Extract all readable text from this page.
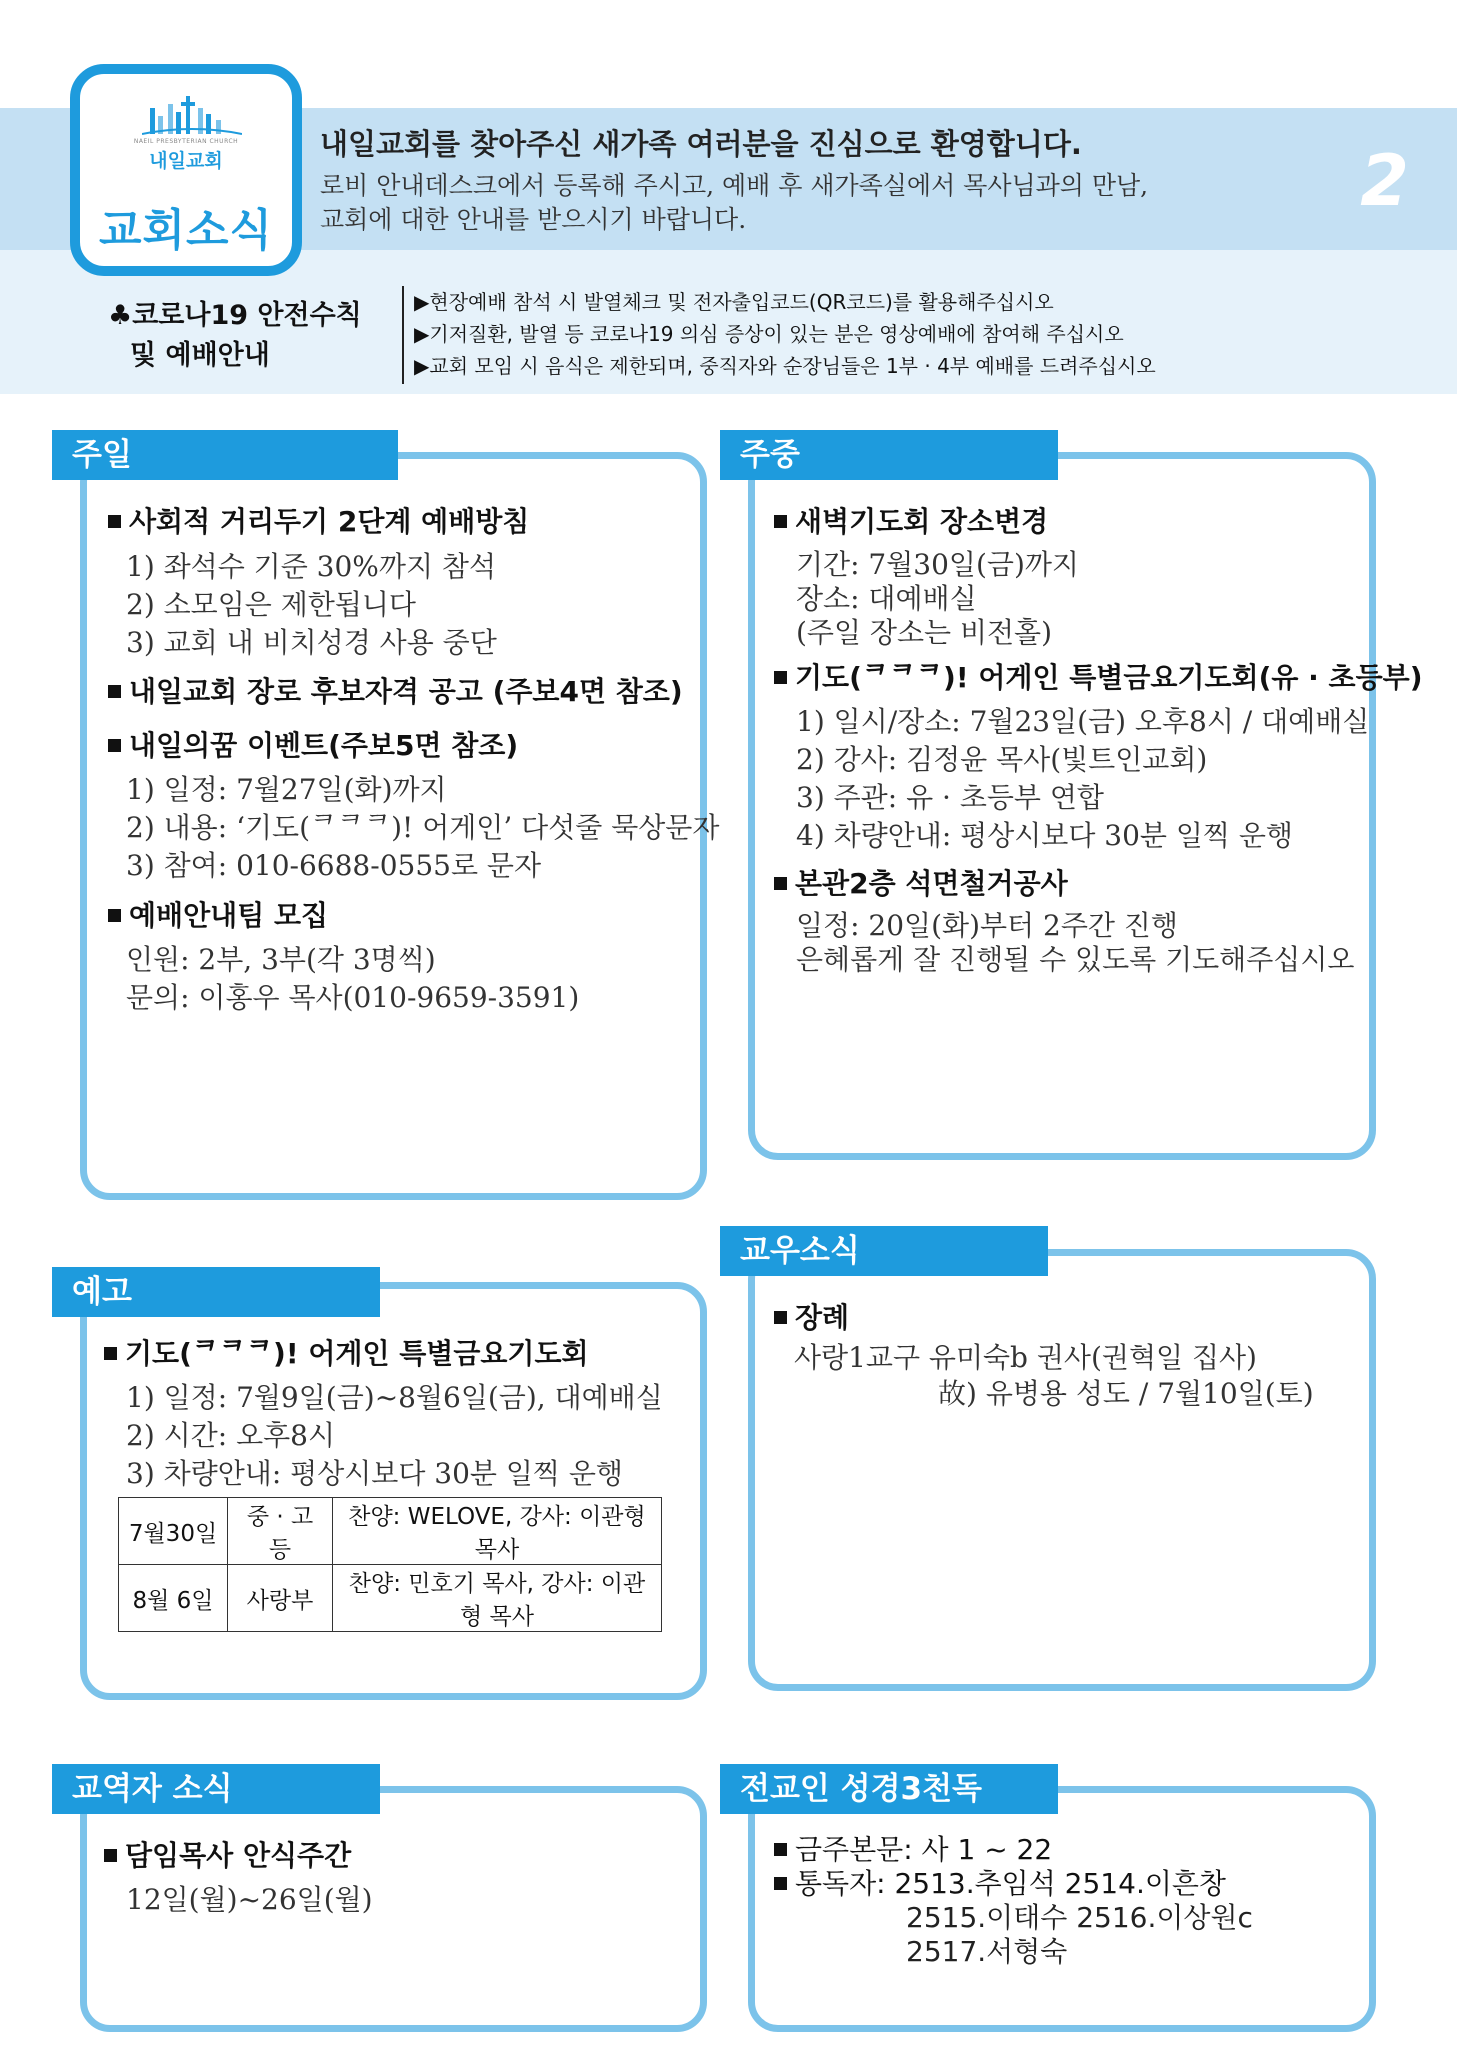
NAEIL PRESBYTERIAN CHURCH
내일교회
교회소식
내일교회를 찾아주신 새가족 여러분을 진심으로 환영합니다.
로비 안내데스크에서 등록해 주시고, 예배 후 새가족실에서 목사님과의 만남,
교회에 대한 안내를 받으시기 바랍니다.	2
♣코로나19 안전수칙
및 예배안내
▶현장예배 참석 시 발열체크 및 전자출입코드(QR코드)를 활용해주십시오
▶기저질환, 발열 등 코로나19 의심 증상이 있는 분은 영상예배에 참여해 주십시오
▶교회 모임 시 음식은 제한되며, 중직자와 순장님들은 1부 · 4부 예배를 드려주십시오
주일
사회적 거리두기 2단계 예배방침
1) 좌석수 기준 30%까지 참석
2) 소모임은 제한됩니다
3) 교회 내 비치성경 사용 중단
내일교회 장로 후보자격 공고 (주보4면 참조)
내일의꿈 이벤트(주보5면 참조)
1) 일정: 7월27일(화)까지
2) 내용: ‘기도(ᄏᄏᄏ)! 어게인’ 다섯줄 묵상문자
3) 참여: 010-6688-0555로 문자
예배안내팀 모집
인원: 2부, 3부(각 3명씩)
문의: 이홍우 목사(010-9659-3591)
주중
새벽기도회 장소변경
기간: 7월30일(금)까지
장소: 대예배실
(주일 장소는 비전홀)
기도(ᄏᄏᄏ)! 어게인 특별금요기도회(유 · 초등부)
1) 일시/장소: 7월23일(금) 오후8시 / 대예배실
2) 강사: 김정윤 목사(빛트인교회)
3) 주관: 유 · 초등부 연합
4) 차량안내: 평상시보다 30분 일찍 운행
본관2층 석면철거공사
일정: 20일(화)부터 2주간 진행
은혜롭게 잘 진행될 수 있도록 기도해주십시오
예고
기도(ᄏᄏᄏ)! 어게인 특별금요기도회
1) 일정: 7월9일(금)~8월6일(금), 대예배실
2) 시간: 오후8시
3) 차량안내: 평상시보다 30분 일찍 운행
7월30일	중 · 고등	찬양: WELOVE, 강사: 이관형 목사
8월 6일	사랑부	찬양: 민호기 목사, 강사: 이관형 목사
교우소식
장례
사랑1교구 유미숙b 권사(권혁일 집사)
故) 유병용 성도 / 7월10일(토)
교역자 소식
담임목사 안식주간
12일(월)~26일(월)
전교인 성경3천독
금주본문: 사 1 ~ 22
통독자: 2513.추임석 2514.이흔창
2515.이태수 2516.이상원c
2517.서형숙
